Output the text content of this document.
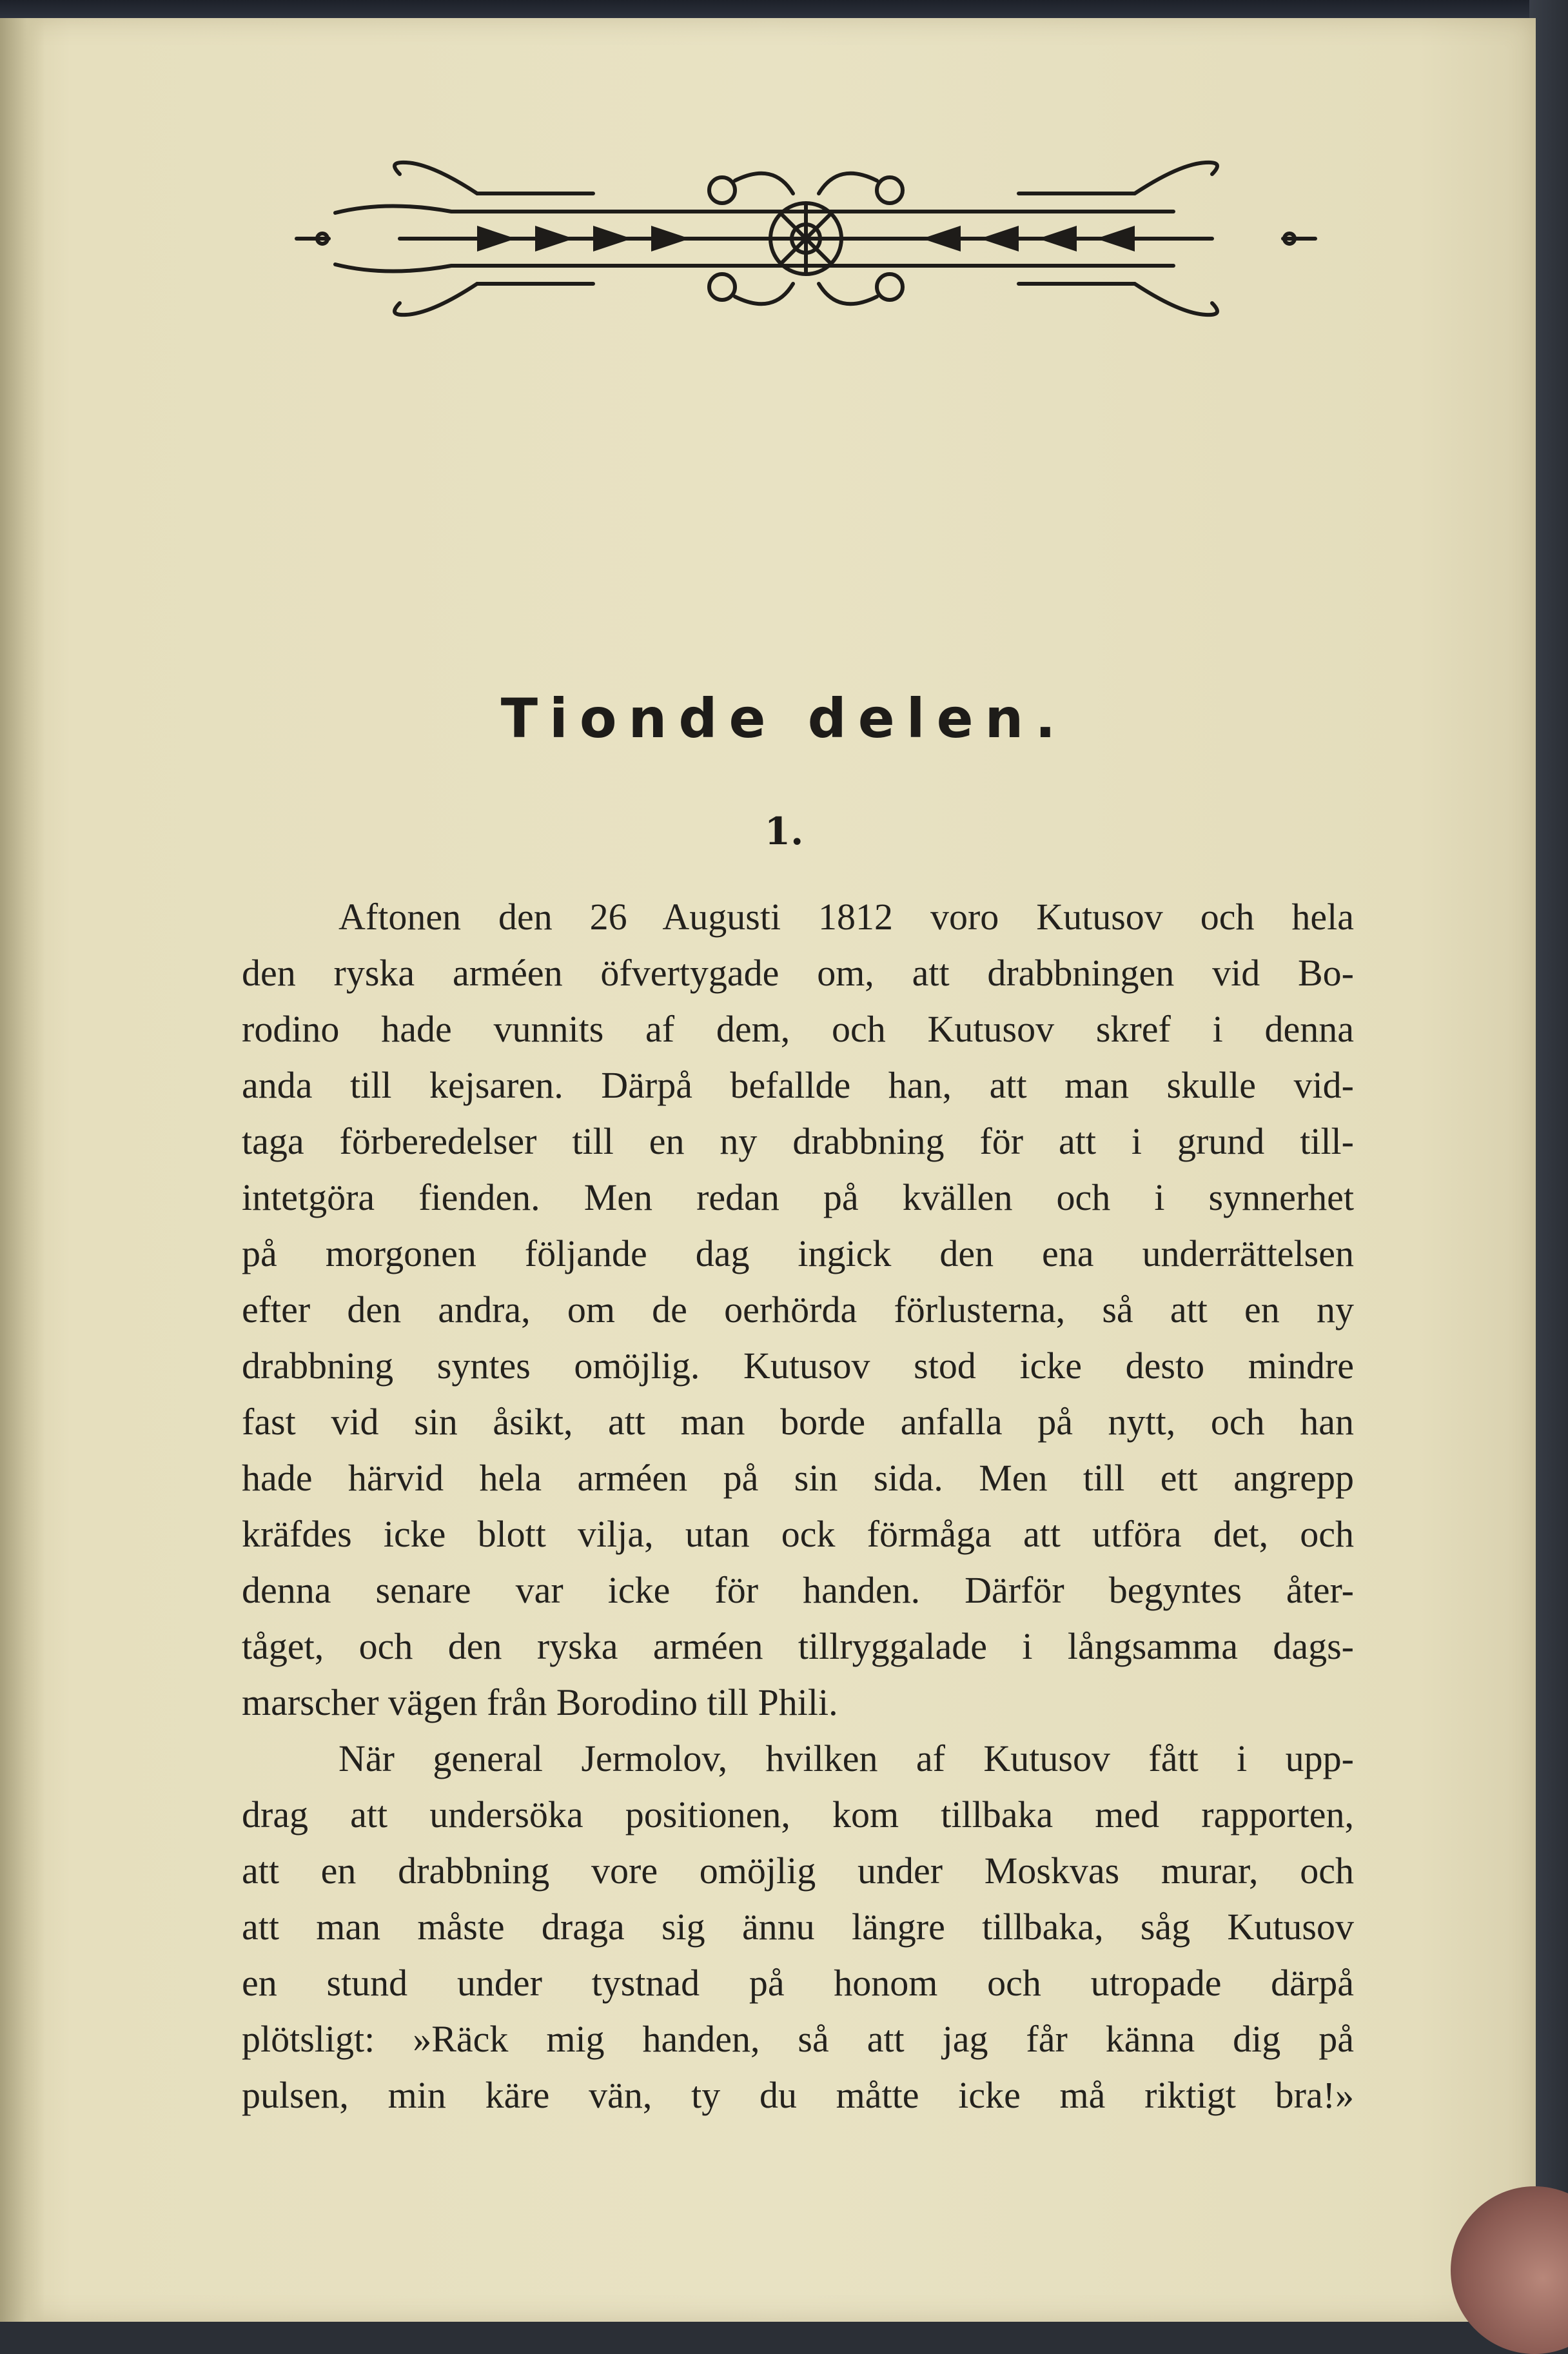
Tionde delen.
1.
Aftonen den 26 Augusti 1812 voro Kutusov och hela
den ryska arméen öfvertygade om, att drabbningen vid Bo-
rodino hade vunnits af dem, och Kutusov skref i denna
anda till kejsaren. Därpå befallde han, att man skulle vid-
taga förberedelser till en ny drabbning för att i grund till-
intetgöra fienden. Men redan på kvällen och i synnerhet
på morgonen följande dag ingick den ena underrättelsen
efter den andra, om de oerhörda förlusterna, så att en ny
drabbning syntes omöjlig. Kutusov stod icke desto mindre
fast vid sin åsikt, att man borde anfalla på nytt, och han
hade härvid hela arméen på sin sida. Men till ett angrepp
kräfdes icke blott vilja, utan ock förmåga att utföra det, och
denna senare var icke för handen. Därför begyntes åter-
tåget, och den ryska arméen tillryggalade i långsamma dags-
marscher vägen från Borodino till Phili.
När general Jermolov, hvilken af Kutusov fått i upp-
drag att undersöka positionen, kom tillbaka med rapporten,
att en drabbning vore omöjlig under Moskvas murar, och
att man måste draga sig ännu längre tillbaka, såg Kutusov
en stund under tystnad på honom och utropade därpå
plötsligt: »Räck mig handen, så att jag får känna dig på
pulsen, min käre vän, ty du måtte icke må riktigt bra!»
